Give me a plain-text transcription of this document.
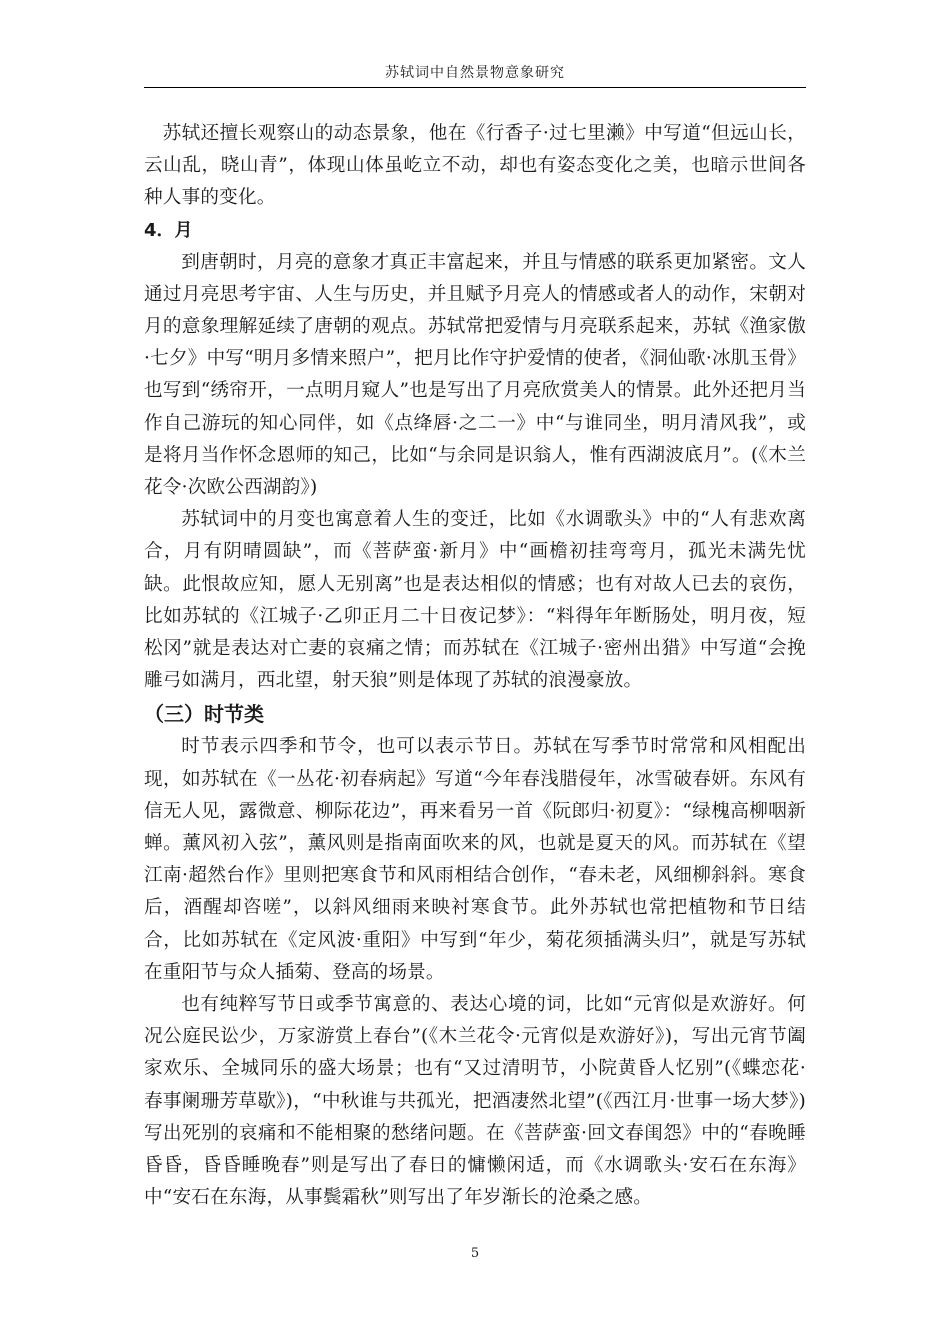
苏轼词中自然景物意象研究

苏轼还擅长观察山的动态景象，他在《行香子·过七里濑》中写道“但远山长，云山乱，晓山青”，体现山体虽屹立不动，却也有姿态变化之美，也暗示世间各种人事的变化。

4．月

到唐朝时，月亮的意象才真正丰富起来，并且与情感的联系更加紧密。文人通过月亮思考宇宙、人生与历史，并且赋予月亮人的情感或者人的动作，宋朝对月的意象理解延续了唐朝的观点。苏轼常把爱情与月亮联系起来，苏轼《渔家傲·七夕》中写“明月多情来照户”，把月比作守护爱情的使者，《洞仙歌·冰肌玉骨》也写到“绣帘开，一点明月窥人”也是写出了月亮欣赏美人的情景。此外还把月当作自己游玩的知心同伴，如《点绛唇·之二一》中“与谁同坐，明月清风我”，或是将月当作怀念恩师的知己，比如“与余同是识翁人，惟有西湖波底月”。(《木兰花令·次欧公西湖韵》)

苏轼词中的月变也寓意着人生的变迁，比如《水调歌头》中的“人有悲欢离合，月有阴晴圆缺”，而《菩萨蛮·新月》中“画檐初挂弯弯月，孤光未满先忧缺。此恨故应知，愿人无别离”也是表达相似的情感；也有对故人已去的哀伤，比如苏轼的《江城子·乙卯正月二十日夜记梦》：“料得年年断肠处，明月夜，短松冈”就是表达对亡妻的哀痛之情；而苏轼在《江城子·密州出猎》中写道“会挽雕弓如满月，西北望，射天狼”则是体现了苏轼的浪漫豪放。

（三）时节类

时节表示四季和节令，也可以表示节日。苏轼在写季节时常常和风相配出现，如苏轼在《一丛花·初春病起》写道“今年春浅腊侵年，冰雪破春妍。东风有信无人见，露微意、柳际花边”，再来看另一首《阮郎归·初夏》：“绿槐高柳咽新蝉。薰风初入弦”，薰风则是指南面吹来的风，也就是夏天的风。而苏轼在《望江南·超然台作》里则把寒食节和风雨相结合创作，“春未老，风细柳斜斜。寒食后，酒醒却咨嗟”，以斜风细雨来映衬寒食节。此外苏轼也常把植物和节日结合，比如苏轼在《定风波·重阳》中写到“年少，菊花须插满头归”，就是写苏轼在重阳节与众人插菊、登高的场景。

也有纯粹写节日或季节寓意的、表达心境的词，比如“元宵似是欢游好。何况公庭民讼少，万家游赏上春台”(《木兰花令·元宵似是欢游好》)，写出元宵节阖家欢乐、全城同乐的盛大场景；也有“又过清明节，小院黄昏人忆别”(《蝶恋花·春事阑珊芳草歇》)，“中秋谁与共孤光，把酒凄然北望”(《西江月·世事一场大梦》)写出死别的哀痛和不能相聚的愁绪问题。在《菩萨蛮·回文春闺怨》中的“春晚睡昏昏，昏昏睡晚春”则是写出了春日的慵懒闲适，而《水调歌头·安石在东海》中“安石在东海，从事鬓霜秋”则写出了年岁渐长的沧桑之感。

5
